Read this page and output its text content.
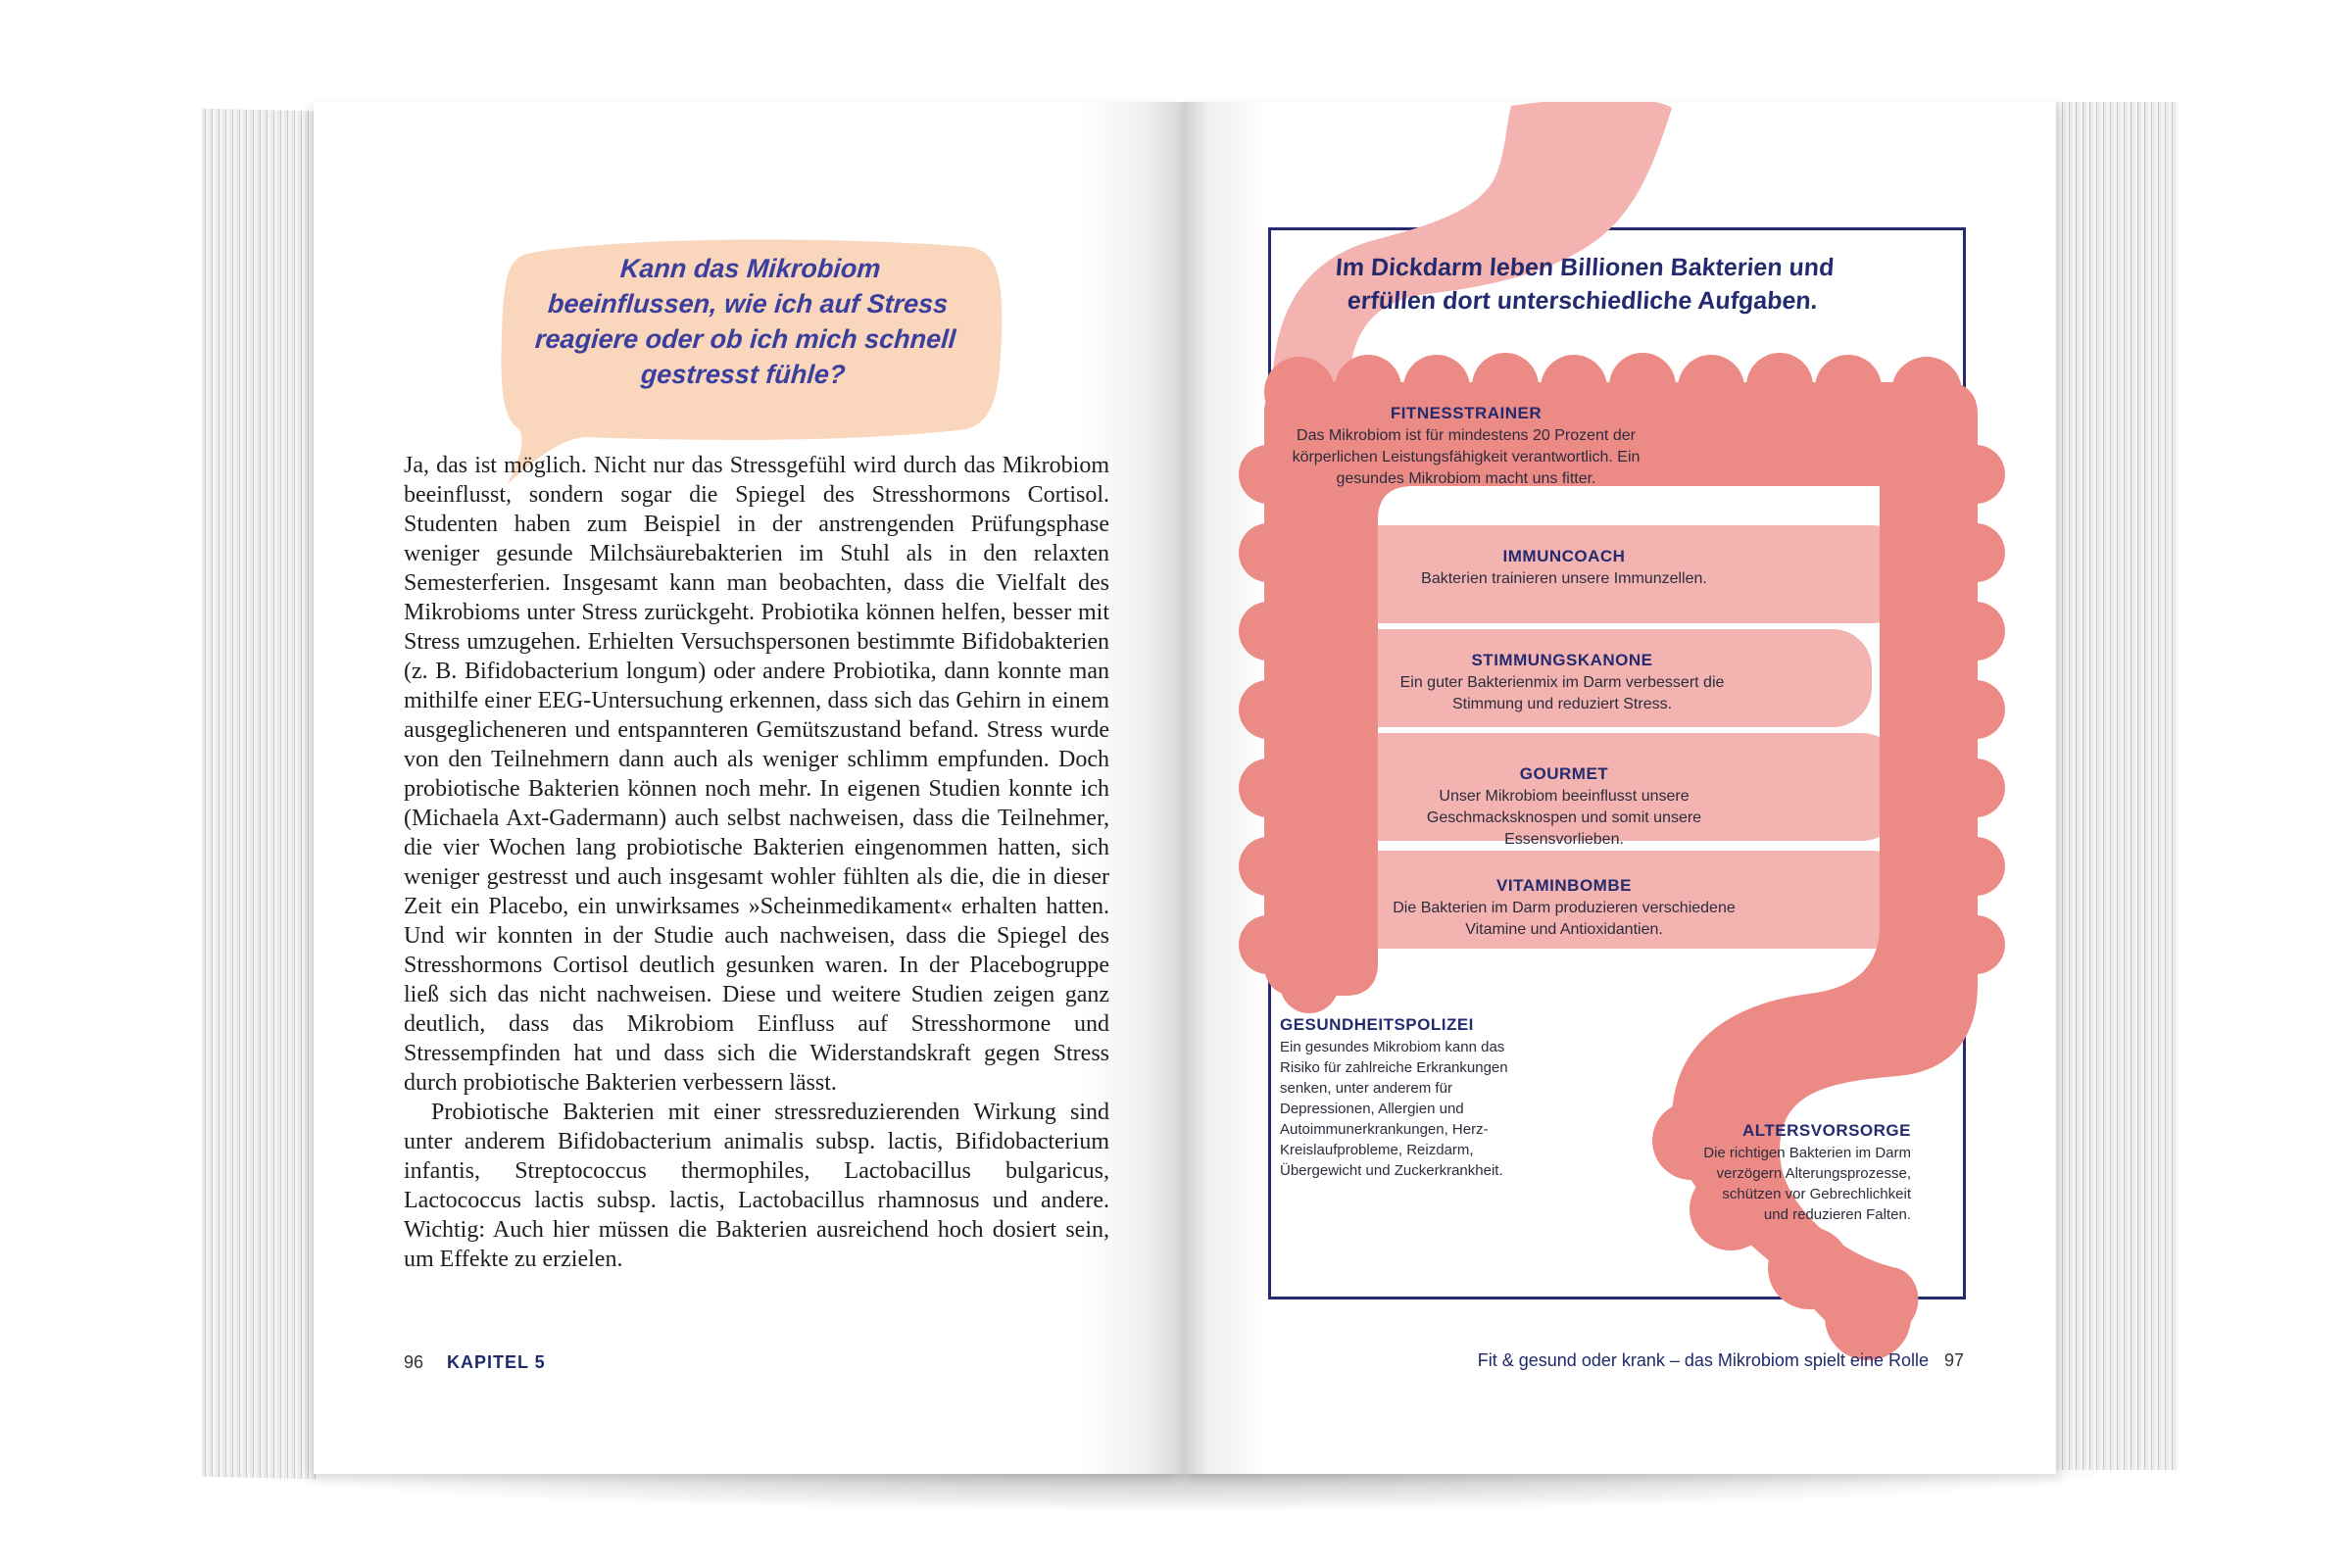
Kann das Mikrobiom beeinflussen, wie ich auf Stress reagiere oder ob ich mich schnell gestresst fühle?

Ja, das ist möglich. Nicht nur das Stressgefühl wird durch das Mikrobiom beeinflusst, sondern sogar die Spiegel des Stresshormons Cortisol. Studenten haben zum Beispiel in der anstrengenden Prüfungsphase weniger gesunde Milchsäurebakterien im Stuhl als in den relaxten Semesterferien. Insgesamt kann man beobachten, dass die Vielfalt des Mikrobioms unter Stress zurückgeht. Probiotika können helfen, besser mit Stress umzugehen. Erhielten Versuchspersonen bestimmte Bifidobakterien (z. B. Bifidobacterium longum) oder andere Probiotika, dann konnte man mithilfe einer EEG-Untersuchung erkennen, dass sich das Gehirn in einem ausgeglicheneren und entspannteren Gemütszustand befand. Stress wurde von den Teilnehmern dann auch als weniger schlimm empfunden. Doch probiotische Bakterien können noch mehr. In eigenen Studien konnte ich (Michaela Axt-Gadermann) auch selbst nachweisen, dass die Teilnehmer, die vier Wochen lang probiotische Bakterien eingenommen hatten, sich weniger gestresst und auch insgesamt wohler fühlten als die, die in dieser Zeit ein Placebo, ein unwirksames »Scheinmedikament« erhalten hatten. Und wir konnten in der Studie auch nachweisen, dass die Spiegel des Stresshormons Cortisol deutlich gesunken waren. In der Placebogruppe ließ sich das nicht nachweisen. Diese und weitere Studien zeigen ganz deutlich, dass das Mikrobiom Einfluss auf Stresshormone und Stressempfinden hat und dass sich die Widerstandskraft gegen Stress durch probiotische Bakterien verbessern lässt.

Probiotische Bakterien mit einer stressreduzierenden Wirkung sind unter anderem Bifidobacterium animalis subsp. lactis, Bifidobacterium infantis, Streptococcus thermophiles, Lactobacillus bulgaricus, Lactococcus lactis subsp. lactis, Lactobacillus rhamnosus und andere. Wichtig: Auch hier müssen die Bakterien ausreichend hoch dosiert sein, um Effekte zu erzielen.

96 KAPITEL 5
Im Dickdarm leben Billionen Bakterien und erfüllen dort unterschiedliche Aufgaben.
FITNESSTRAINER
Das Mikrobiom ist für mindestens 20 Prozent der körperlichen Leistungsfähigkeit verantwortlich. Ein gesundes Mikrobiom macht uns fitter.
IMMUNCOACH
Bakterien trainieren unsere Immunzellen.
STIMMUNGSKANONE
Ein guter Bakterienmix im Darm verbessert die Stimmung und reduziert Stress.
GOURMET
Unser Mikrobiom beeinflusst unsere Geschmacksknospen und somit unsere Essensvorlieben.
VITAMINBOMBE
Die Bakterien im Darm produzieren verschiedene Vitamine und Antioxidantien.
GESUNDHEITSPOLIZEI
Ein gesundes Mikrobiom kann das Risiko für zahlreiche Erkrankungen senken, unter anderem für Depressionen, Allergien und Autoimmunerkrankungen, Herz-Kreislaufprobleme, Reizdarm, Übergewicht und Zuckerkrankheit.
ALTERSVORSORGE
Die richtigen Bakterien im Darm verzögern Alterungsprozesse, schützen vor Gebrechlichkeit und reduzieren Falten.
Fit & gesund oder krank – das Mikrobiom spielt eine Rolle 97
